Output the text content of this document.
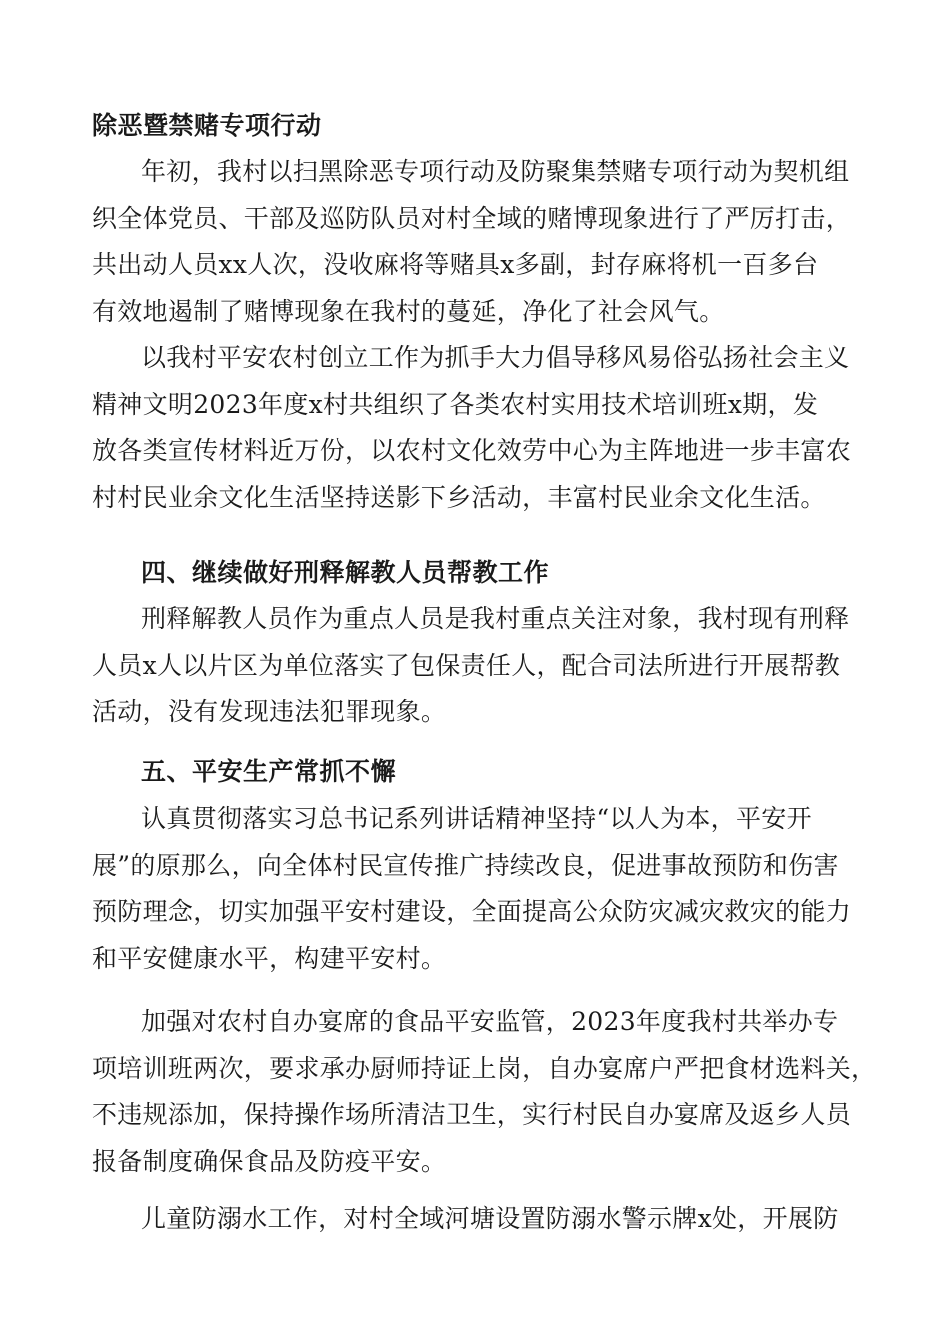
除恶暨禁赌专项行动
年初，我村以扫黑除恶专项行动及防聚集禁赌专项行动为契机组
织全体党员、干部及巡防队员对村全域的赌博现象进行了严厉打击，
共出动人员xx人次，没收麻将等赌具x多副，封存麻将机一百多台
有效地遏制了赌博现象在我村的蔓延，净化了社会风气。
以我村平安农村创立工作为抓手大力倡导移风易俗弘扬社会主义
精神文明2023年度x村共组织了各类农村实用技术培训班x期，发
放各类宣传材料近万份，以农村文化效劳中心为主阵地进一步丰富农
村村民业余文化生活坚持送影下乡活动，丰富村民业余文化生活。
四、继续做好刑释解教人员帮教工作
刑释解教人员作为重点人员是我村重点关注对象，我村现有刑释
人员x人以片区为单位落实了包保责任人，配合司法所进行开展帮教
活动，没有发现违法犯罪现象。
五、平安生产常抓不懈
认真贯彻落实习总书记系列讲话精神坚持“以人为本，平安开
展”的原那么，向全体村民宣传推广持续改良，促进事故预防和伤害
预防理念，切实加强平安村建设，全面提高公众防灾减灾救灾的能力
和平安健康水平，构建平安村。
加强对农村自办宴席的食品平安监管，2023年度我村共举办专
项培训班两次，要求承办厨师持证上岗，自办宴席户严把食材选料关，
不违规添加，保持操作场所清洁卫生，实行村民自办宴席及返乡人员
报备制度确保食品及防疫平安。
儿童防溺水工作，对村全域河塘设置防溺水警示牌x处，开展防
